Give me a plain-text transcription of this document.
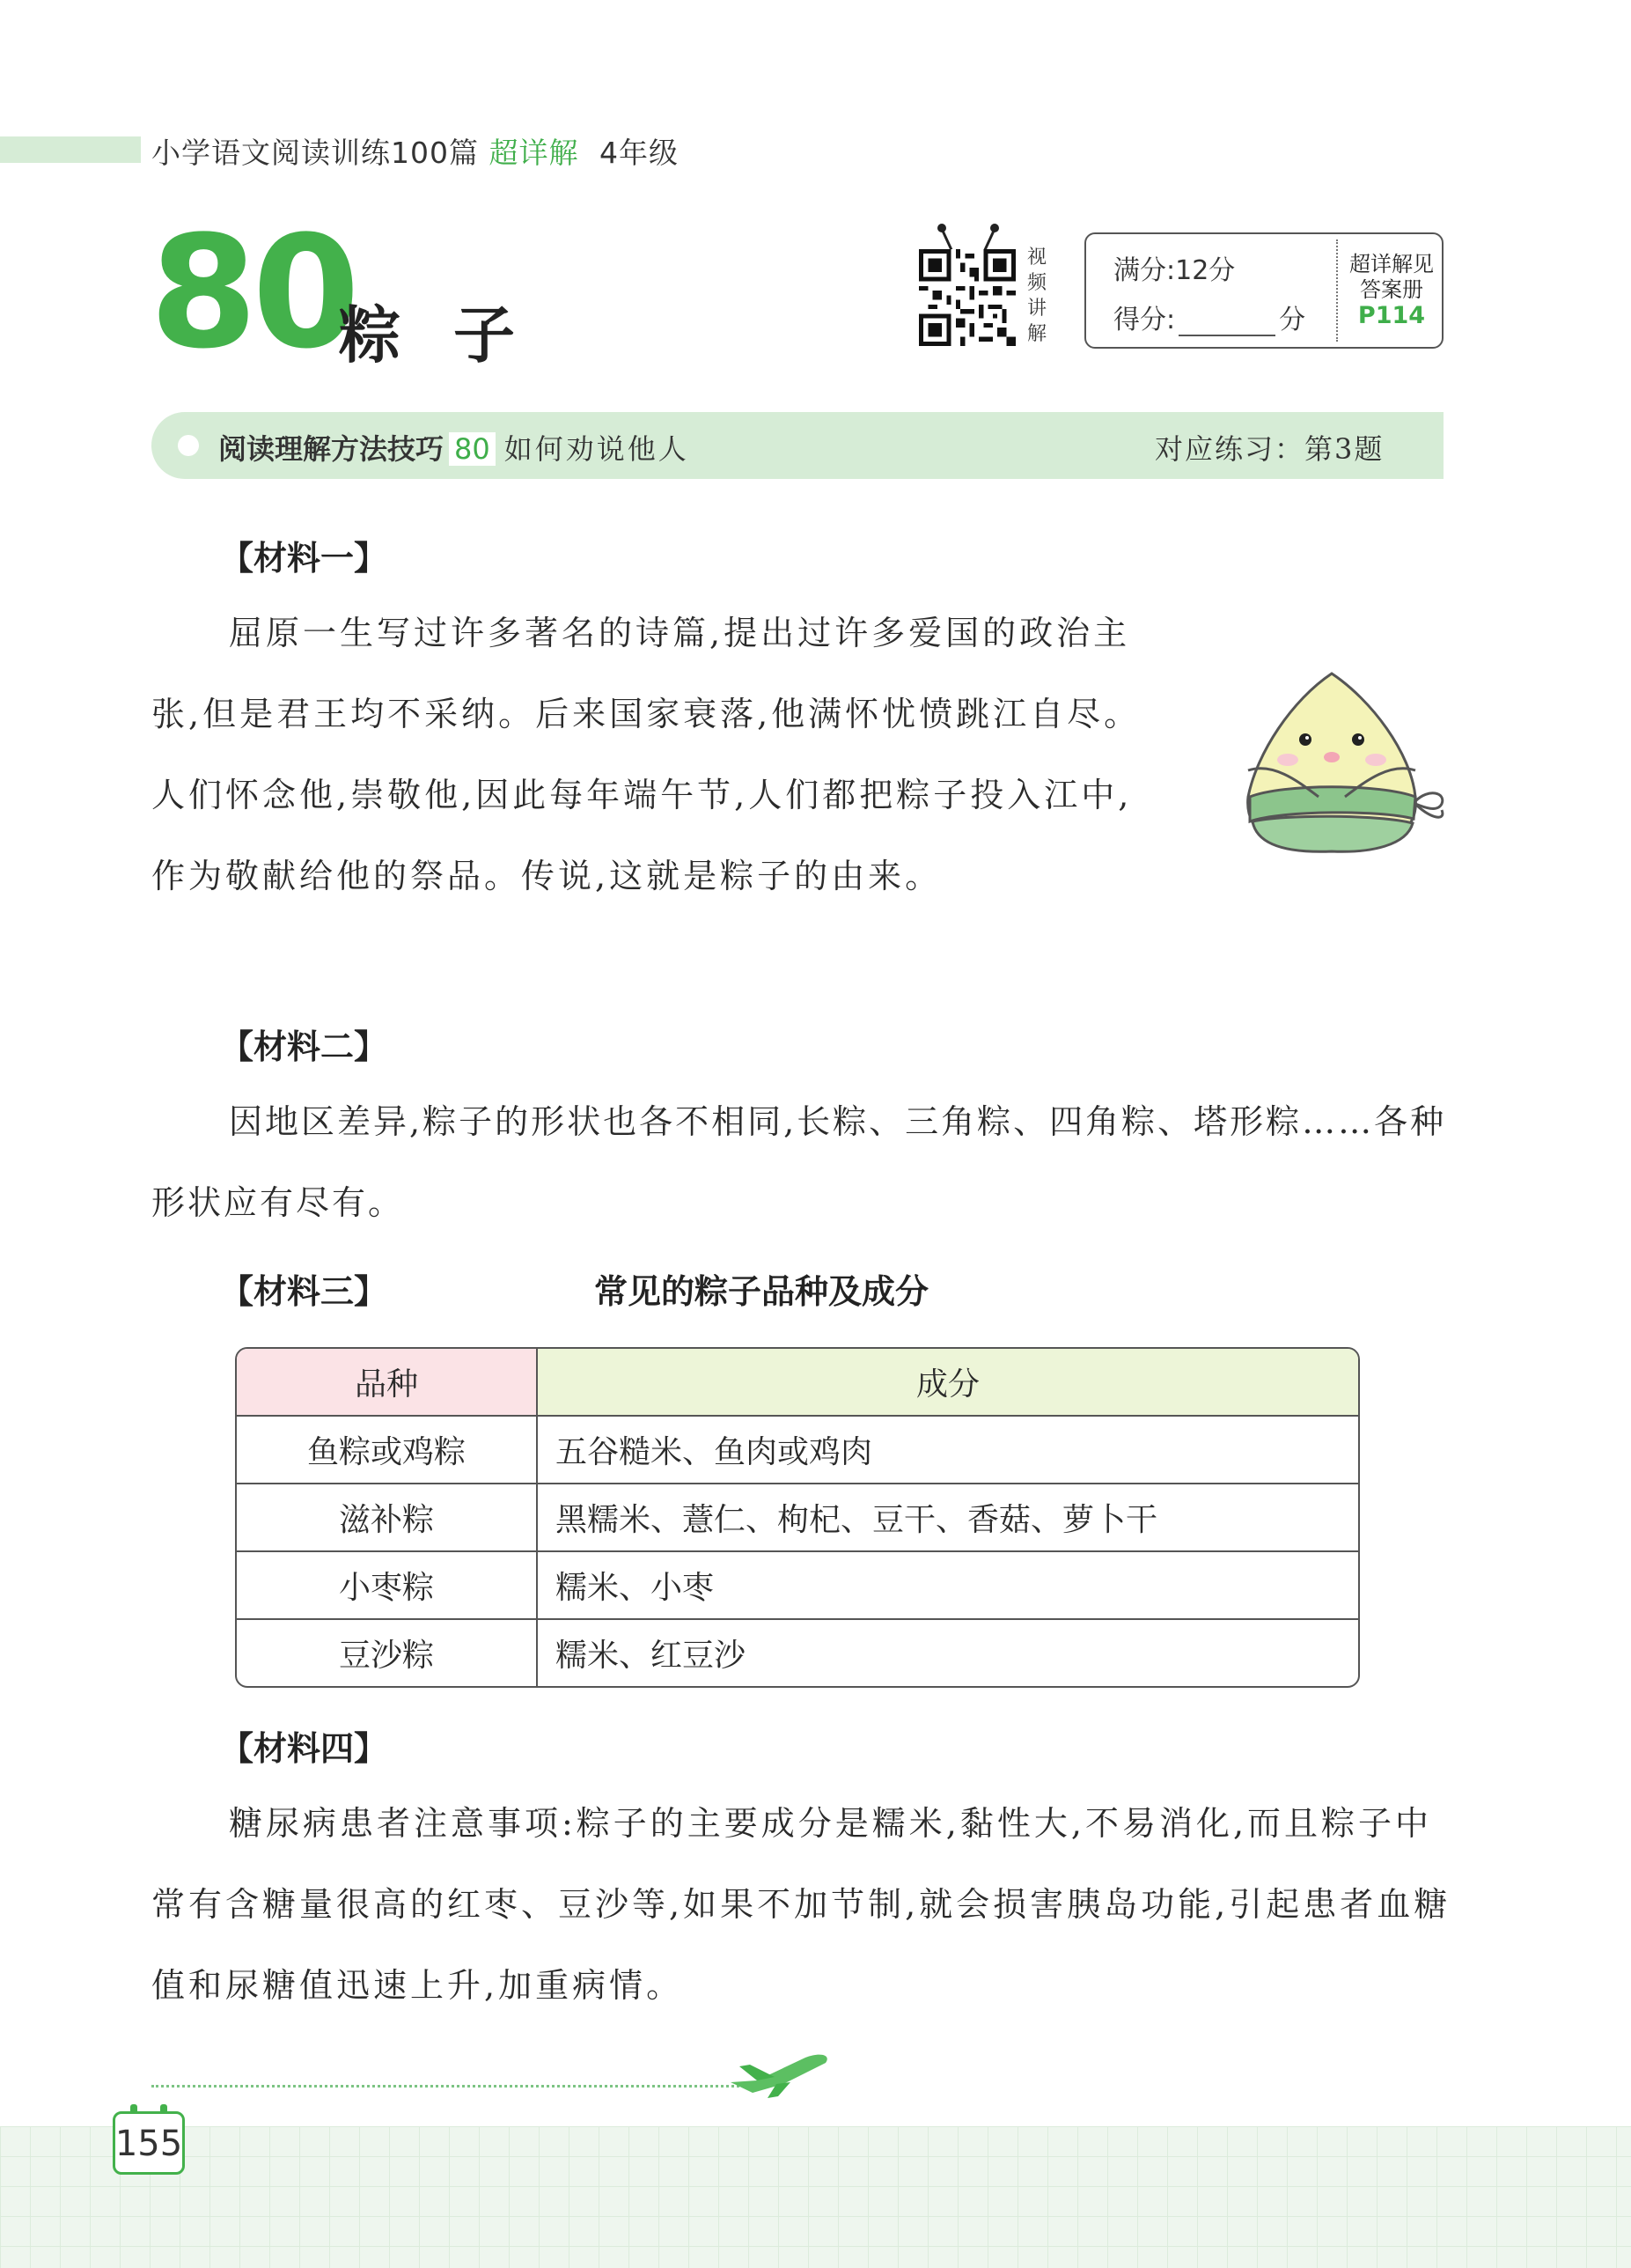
小学语文阅读训练100篇 超详解 4年级
80
粽子
视
频
讲
解
满分:12分
得分:	分
超详解见
答案册
P114
阅读理解方法技巧 80 如何劝说他人	对应练习：第3题
【材料一】
屈原一生写过许多著名的诗篇,提出过许多爱国的政治主张,但是君王均不采纳。后来国家衰落,他满怀忧愤跳江自尽。人们怀念他,崇敬他,因此每年端午节,人们都把粽子投入江中,作为敬献给他的祭品。传说,这就是粽子的由来。
【材料二】
因地区差异,粽子的形状也各不相同,长粽、三角粽、四角粽、塔形粽……各种形状应有尽有。
【材料三】	常见的粽子品种及成分
品种	成分
鱼粽或鸡粽	五谷糙米、鱼肉或鸡肉
滋补粽	黑糯米、薏仁、枸杞、豆干、香菇、萝卜干
小枣粽	糯米、小枣
豆沙粽	糯米、红豆沙
【材料四】
糖尿病患者注意事项:粽子的主要成分是糯米,黏性大,不易消化,而且粽子中常有含糖量很高的红枣、豆沙等,如果不加节制,就会损害胰岛功能,引起患者血糖值和尿糖值迅速上升,加重病情。
155
